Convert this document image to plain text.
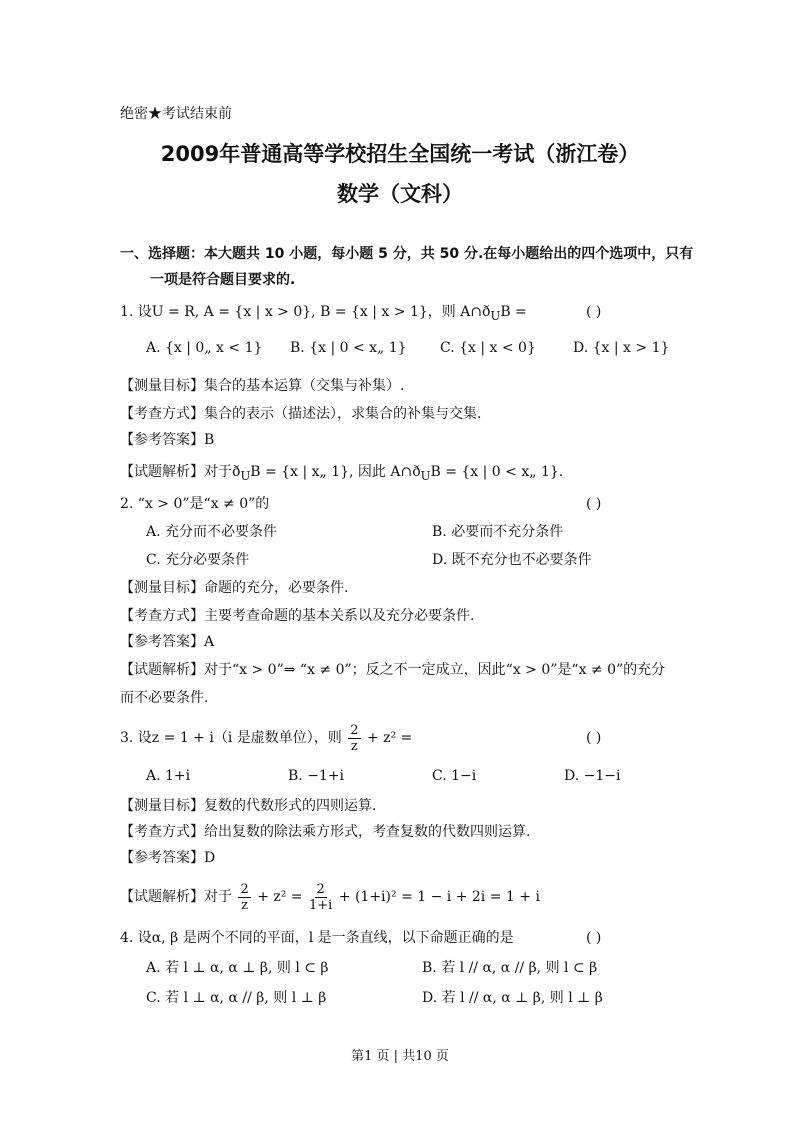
绝密★考试结束前
2009年普通高等学校招生全国统一考试（浙江卷）
数学（文科）
一、选择题：本大题共 10 小题，每小题 5 分，共 50 分.在每小题给出的四个选项中，只有
一项是符合题目要求的.
1. 设U = R, A = {x | x > 0}, B = {x | x > 1}，则 $A\cap ð_UB$ =	( )
A. {x | 0„ x < 1} B. {x | 0 < x„ 1} C. {x | x < 0}	D. {x | x > 1}
【测量目标】集合的基本运算（交集与补集）.
【考查方式】集合的表示（描述法），求集合的补集与交集.
【参考答案】B
【试题解析】对于$ð_UB = \{x$ | x„ 1}, 因此 $A\cap ð_UB = \{x$ | 0 < x„ 1}.
2. “x > 0”是“x ≠ 0”的	( )
A. 充分而不必要条件	B. 必要而不充分条件
C. 充分必要条件	D. 既不充分也不必要条件
【测量目标】命题的充分，必要条件.
【考查方式】主要考查命题的基本关系以及充分必要条件.
【参考答案】A
【试题解析】对于“x > 0”⇒ “x ≠ 0”；反之不一定成立，因此“x > 0”是“x ≠ 0”的充分
而不必要条件.
3. 设z = 1 + i（i 是虚数单位），则 $\frac{2}{z} + z^2$ =	( )
A. 1+i	B. −1+i	C. 1−i	D. −1−i
【测量目标】复数的代数形式的四则运算.
【考查方式】给出复数的除法乘方形式，考查复数的代数四则运算.
【参考答案】D
【试题解析】对于 $\frac{2}{z} + z^2 = \frac{2}{1+i} + (1+i)^2 = 1 - i + 2i = 1 + i$
4. 设α, β 是两个不同的平面，l 是一条直线，以下命题正确的是	( )
A. 若 l ⊥ α, α ⊥ β, 则 l ⊂ β	B. 若 l // α, α // β, 则 l ⊂ β
C. 若 l ⊥ α, α // β, 则 l ⊥ β	D. 若 l // α, α ⊥ β, 则 l ⊥ β
第1 页 | 共10 页
